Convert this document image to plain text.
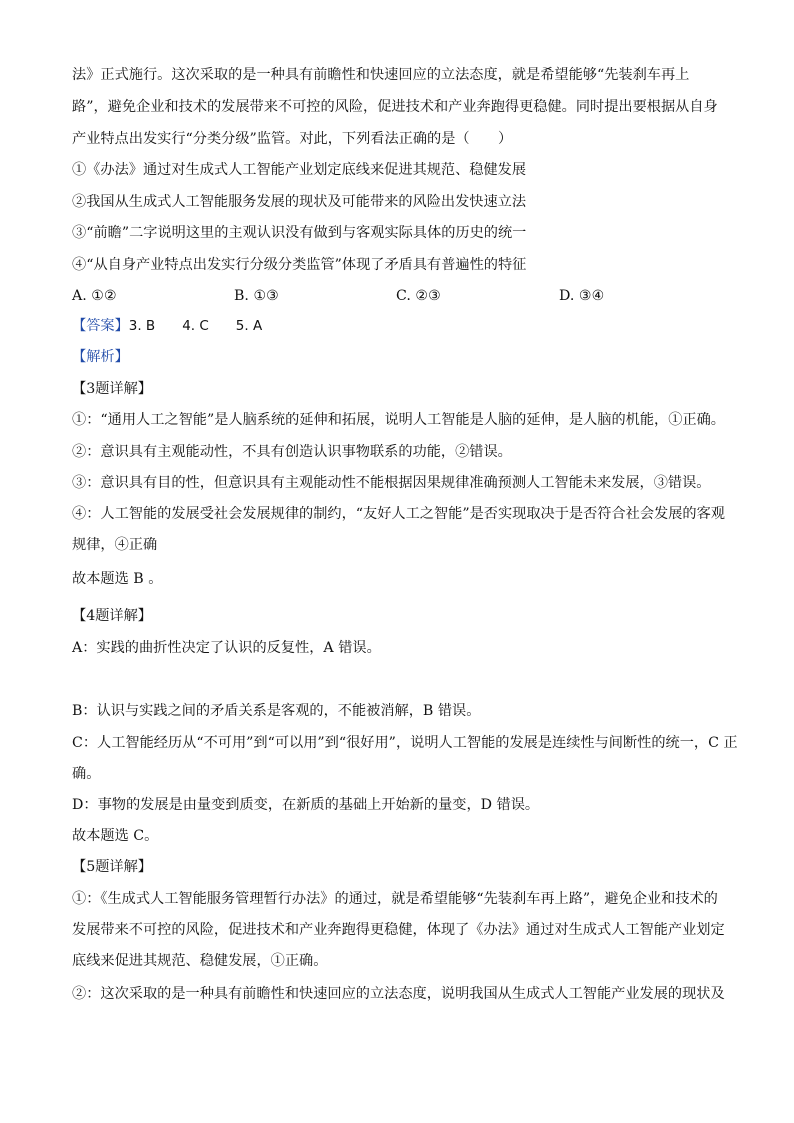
法》正式施行。这次采取的是一种具有前瞻性和快速回应的立法态度，就是希望能够“先装刹车再上
路”，避免企业和技术的发展带来不可控的风险，促进技术和产业奔跑得更稳健。同时提出要根据从自身
产业特点出发实行“分类分级”监管。对此，下列看法正确的是（　　）
①《办法》通过对生成式人工智能产业划定底线来促进其规范、稳健发展
②我国从生成式人工智能服务发展的现状及可能带来的风险出发快速立法
③“前瞻”二字说明这里的主观认识没有做到与客观实际具体的历史的统一
④“从自身产业特点出发实行分级分类监管”体现了矛盾具有普遍性的特征
A. ①②	B. ①③	C. ②③	D. ③④
【答案】3. B　　4. C　　5. A
【解析】
【3题详解】
①：“通用人工之智能”是人脑系统的延伸和拓展，说明人工智能是人脑的延伸，是人脑的机能，①正确。
②：意识具有主观能动性，不具有创造认识事物联系的功能，②错误。
③：意识具有目的性，但意识具有主观能动性不能根据因果规律准确预测人工智能未来发展，③错误。
④：人工智能的发展受社会发展规律的制约，“友好人工之智能”是否实现取决于是否符合社会发展的客观
规律，④正确
故本题选 B 。
【4题详解】
A：实践的曲折性决定了认识的反复性，A 错误。
B：认识与实践之间的矛盾关系是客观的，不能被消解，B 错误。
C：人工智能经历从“不可用”到“可以用”到“很好用”，说明人工智能的发展是连续性与间断性的统一，C 正
确。
D：事物的发展是由量变到质变，在新质的基础上开始新的量变，D 错误。
故本题选 C。
【5题详解】
①：《生成式人工智能服务管理暂行办法》的通过，就是希望能够“先装刹车再上路”，避免企业和技术的
发展带来不可控的风险，促进技术和产业奔跑得更稳健，体现了《办法》通过对生成式人工智能产业划定
底线来促进其规范、稳健发展，①正确。
②：这次采取的是一种具有前瞻性和快速回应的立法态度，说明我国从生成式人工智能产业发展的现状及
